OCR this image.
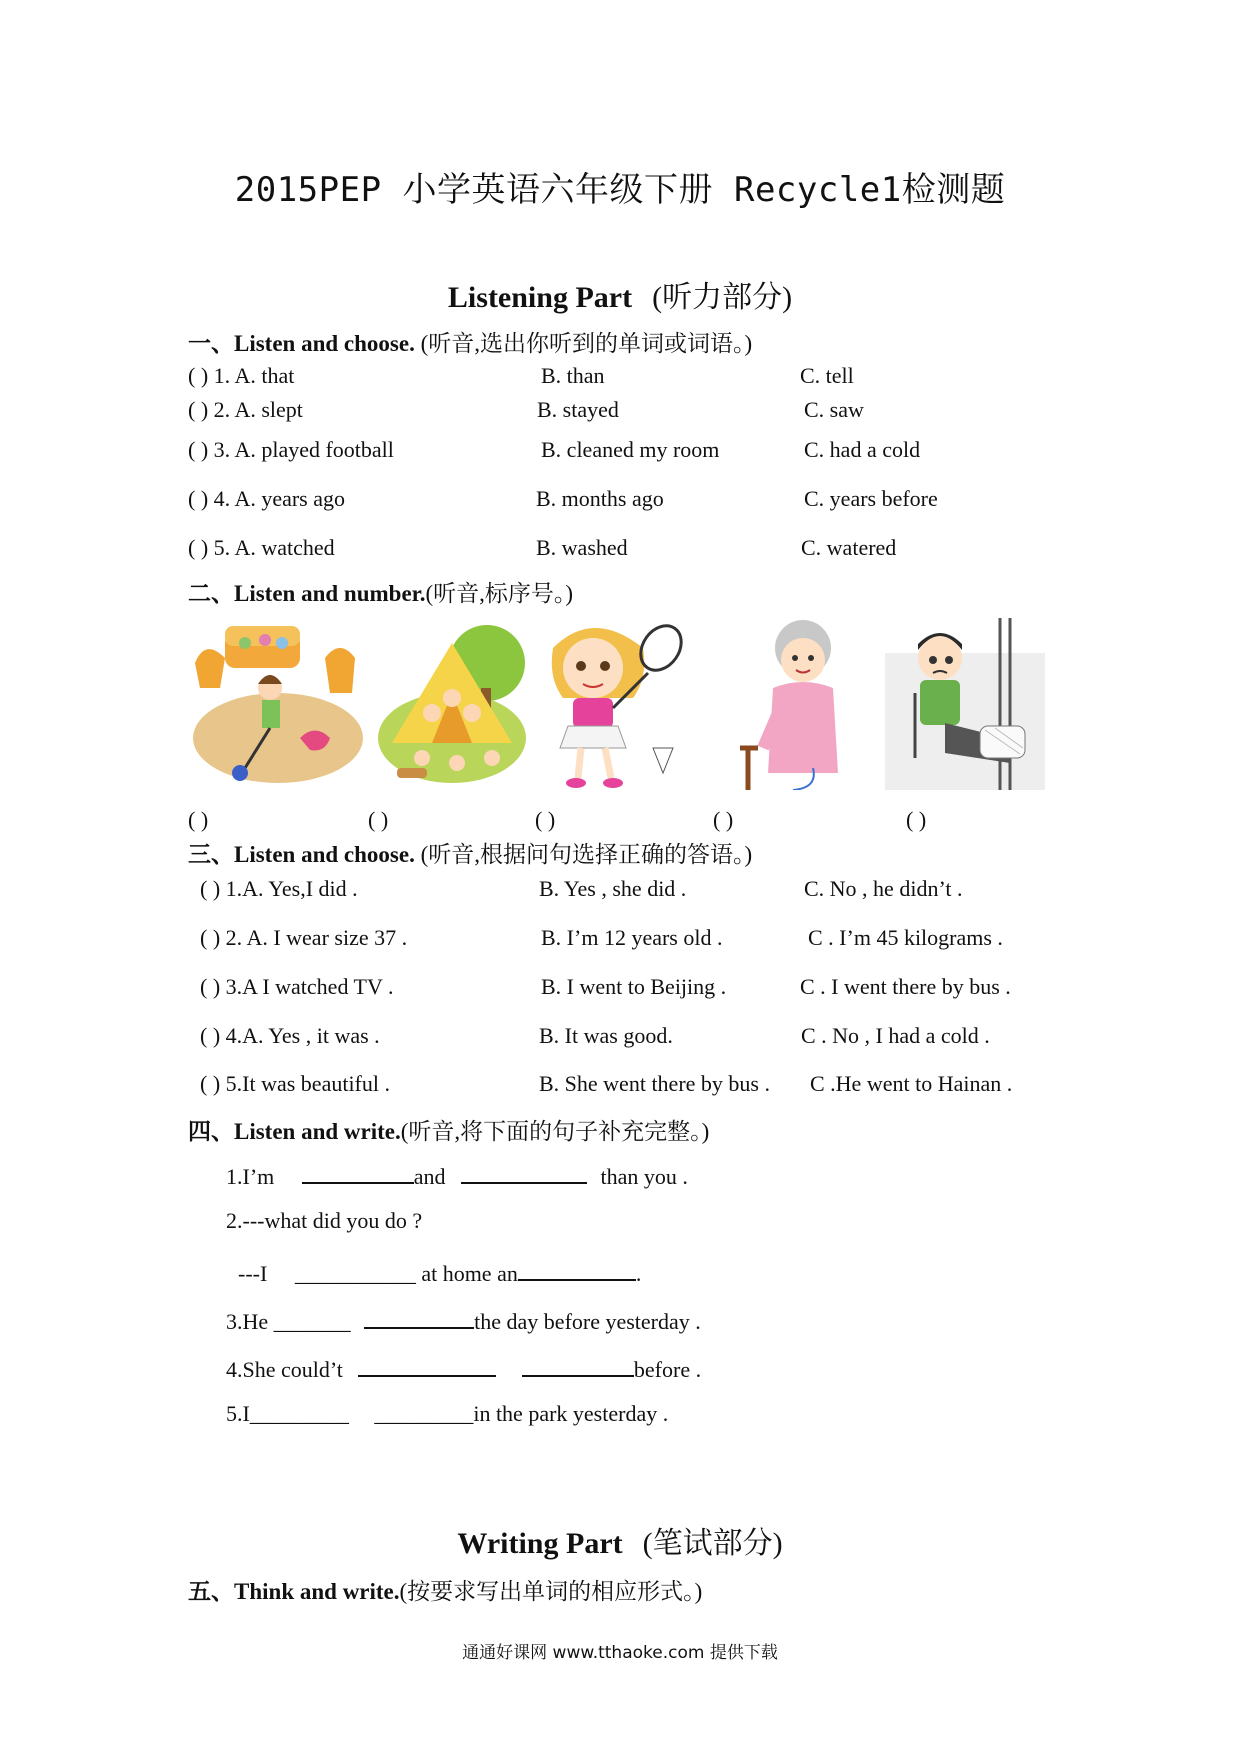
2015PEP 小学英语六年级下册 Recycle1检测题
Listening Part (听力部分)
一、Listen and choose. (听音,选出你听到的单词或词语。)
( ) 1. A. that	B. than	C. tell
( ) 2. A. slept	B. stayed	C. saw
( ) 3. A. played football	B. cleaned my room	C. had a cold
( ) 4. A. years ago	B. months ago	C. years before
( ) 5. A. watched	B. washed	C. watered
二、Listen and number.(听音,标序号。)
( )	( )	( )	( )	( )
三、Listen and choose. (听音,根据问句选择正确的答语。)
( ) 1.A. Yes,I did .	B. Yes , she did .	C. No , he didn’t .
( ) 2. A. I wear size 37 .	B. I’m 12 years old .	C . I’m 45 kilograms .
( ) 3.A I watched TV .	B. I went to Beijing .	C . I went there by bus .
( ) 4.A. Yes , it was .	B. It was good.	C . No , I had a cold .
( ) 5.It was beautiful .	B. She went there by bus . C .He went to Hainan .
四、Listen and write.(听音,将下面的句子补充完整。)
1.I’m	and	than you .
2.---what did you do ?
---I ___________ at home an	.
3.He _______	the day before yesterday .
4.She could’t	before .
5.I_________ _________in the park yesterday .
Writing Part (笔试部分)
五、Think and write.(按要求写出单词的相应形式。)
通通好课网 www.tthaoke.com 提供下载
